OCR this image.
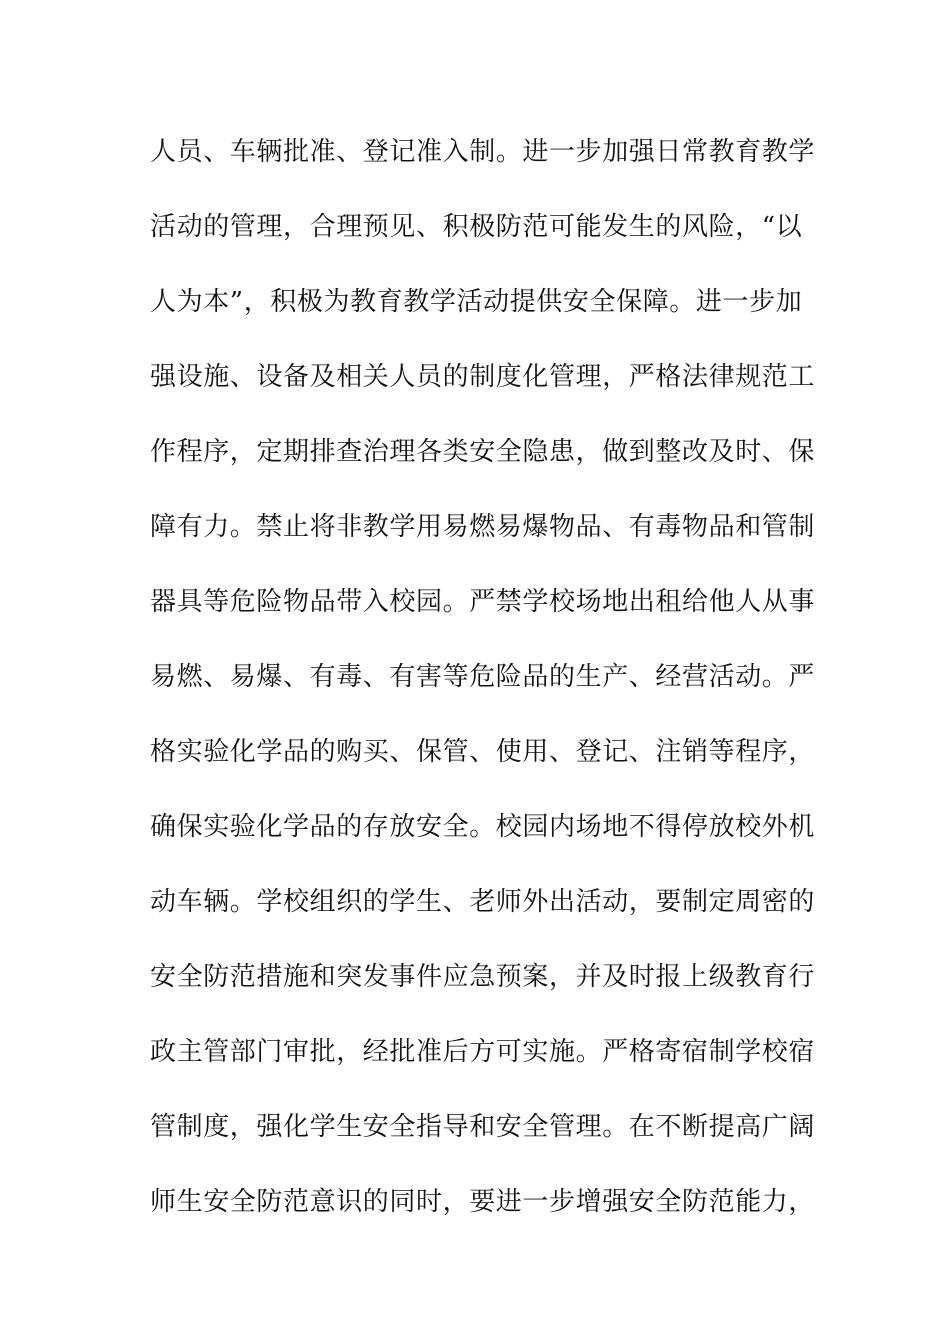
人员、车辆批准、登记准入制。进一步加强日常教育教学
活动的管理，合理预见、积极防范可能发生的风险，“以
人为本”，积极为教育教学活动提供安全保障。进一步加
强设施、设备及相关人员的制度化管理，严格法律规范工
作程序，定期排查治理各类安全隐患，做到整改及时、保
障有力。禁止将非教学用易燃易爆物品、有毒物品和管制
器具等危险物品带入校园。严禁学校场地出租给他人从事
易燃、易爆、有毒、有害等危险品的生产、经营活动。严
格实验化学品的购买、保管、使用、登记、注销等程序，
确保实验化学品的存放安全。校园内场地不得停放校外机
动车辆。学校组织的学生、老师外出活动，要制定周密的
安全防范措施和突发事件应急预案，并及时报上级教育行
政主管部门审批，经批准后方可实施。严格寄宿制学校宿
管制度，强化学生安全指导和安全管理。在不断提高广阔
师生安全防范意识的同时，要进一步增强安全防范能力，
